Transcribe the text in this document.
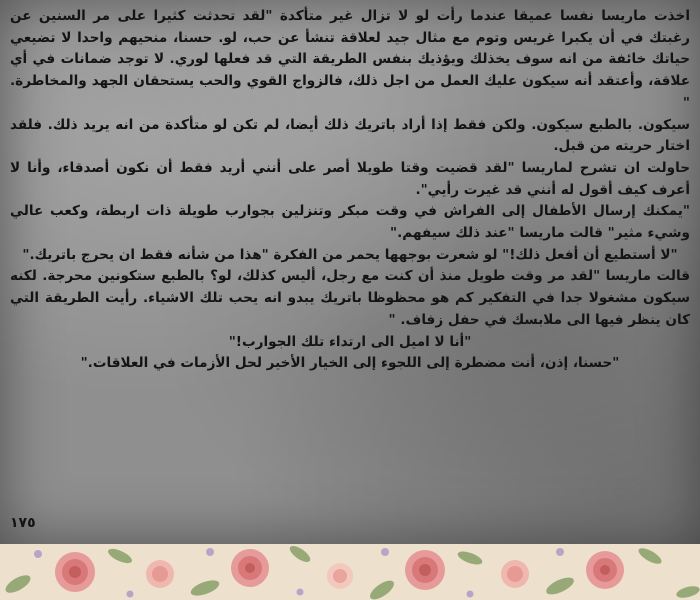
اخذت ماريسا نفسا عميقا عندما رأت لو لا تزال غير متأكدة "لقد تحدثت كثيرا على مر السنين عن رغبتك في أن يكبرا غريس وتوم مع مثال جيد لعلاقة تنشأ عن حب، لو. حسنا، منحيهم واحدا لا تضيعي حياتك خائفة من انه سوف يخذلك ويؤذيك بنفس الطريقة التي قد فعلها لوري. لا توجد ضمانات في أي علاقة، وأعتقد أنه سيكون عليك العمل من اجل ذلك، فالزواج القوي والحب يستحقان الجهد والمخاطرة. "

سيكون. بالطبع سيكون. ولكن فقط إذا أراد باتريك ذلك أيضا، لم تكن لو متأكدة من انه يريد ذلك. فلقد اختار حريته من قبل.

حاولت ان تشرح لماريسا "لقد قضيت وقتا طويلا أصر على أنني أريد فقط أن نكون أصدقاء، وأنا لا أعرف كيف أقول له أنني قد غيرت رأيي".

"يمكنك إرسال الأطفال إلى الفراش في وقت مبكر وتنزلين بجوارب طويلة ذات اربطة، وكعب عالي وشيء مثير" قالت ماريسا "عند ذلك سيفهم."

"لا أستطيع أن أفعل ذلك!" لو شعرت بوجهها يحمر من الفكرة "هذا من شأنه فقط ان يحرج باتريك."

قالت ماريسا "لقد مر وقت طويل منذ أن كنت مع رجل، أليس كذلك، لو؟ بالطبع ستكونين محرجة. لكنه سيكون مشغولا جدا في التفكير كم هو محظوظا باتريك يبدو انه يحب تلك الاشياء. رأيت الطريقة التي كان ينظر فيها الى ملابسك في حفل زفاف. "

"أنا لا اميل الى ارتداء تلك الجوارب!"

"حسنا، إذن، أنت مضطرة إلى اللجوء إلى الخيار الأخير لحل الأزمات في العلاقات."

١٧٥
